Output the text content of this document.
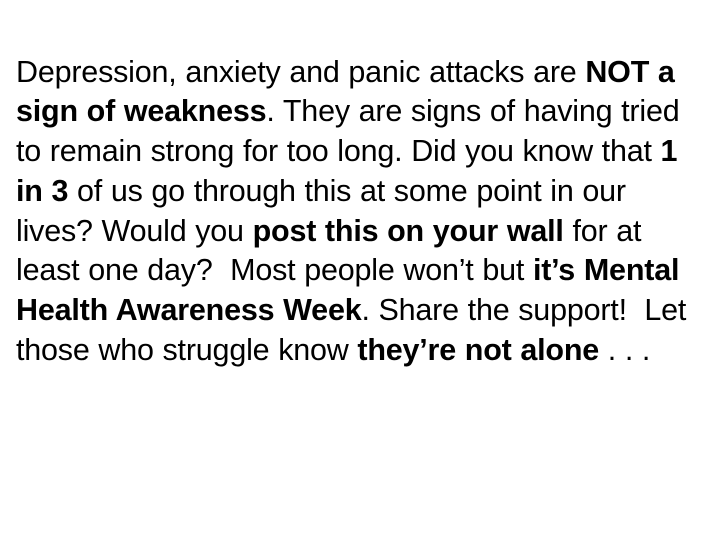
Depression, anxiety and panic attacks are NOT a sign of weakness. They are signs of having tried to remain strong for too long. Did you know that 1 in 3 of us go through this at some point in our lives? Would you post this on your wall for at least one day?  Most people won’t but it’s Mental Health Awareness Week. Share the support!  Let those who struggle know they’re not alone . . .
